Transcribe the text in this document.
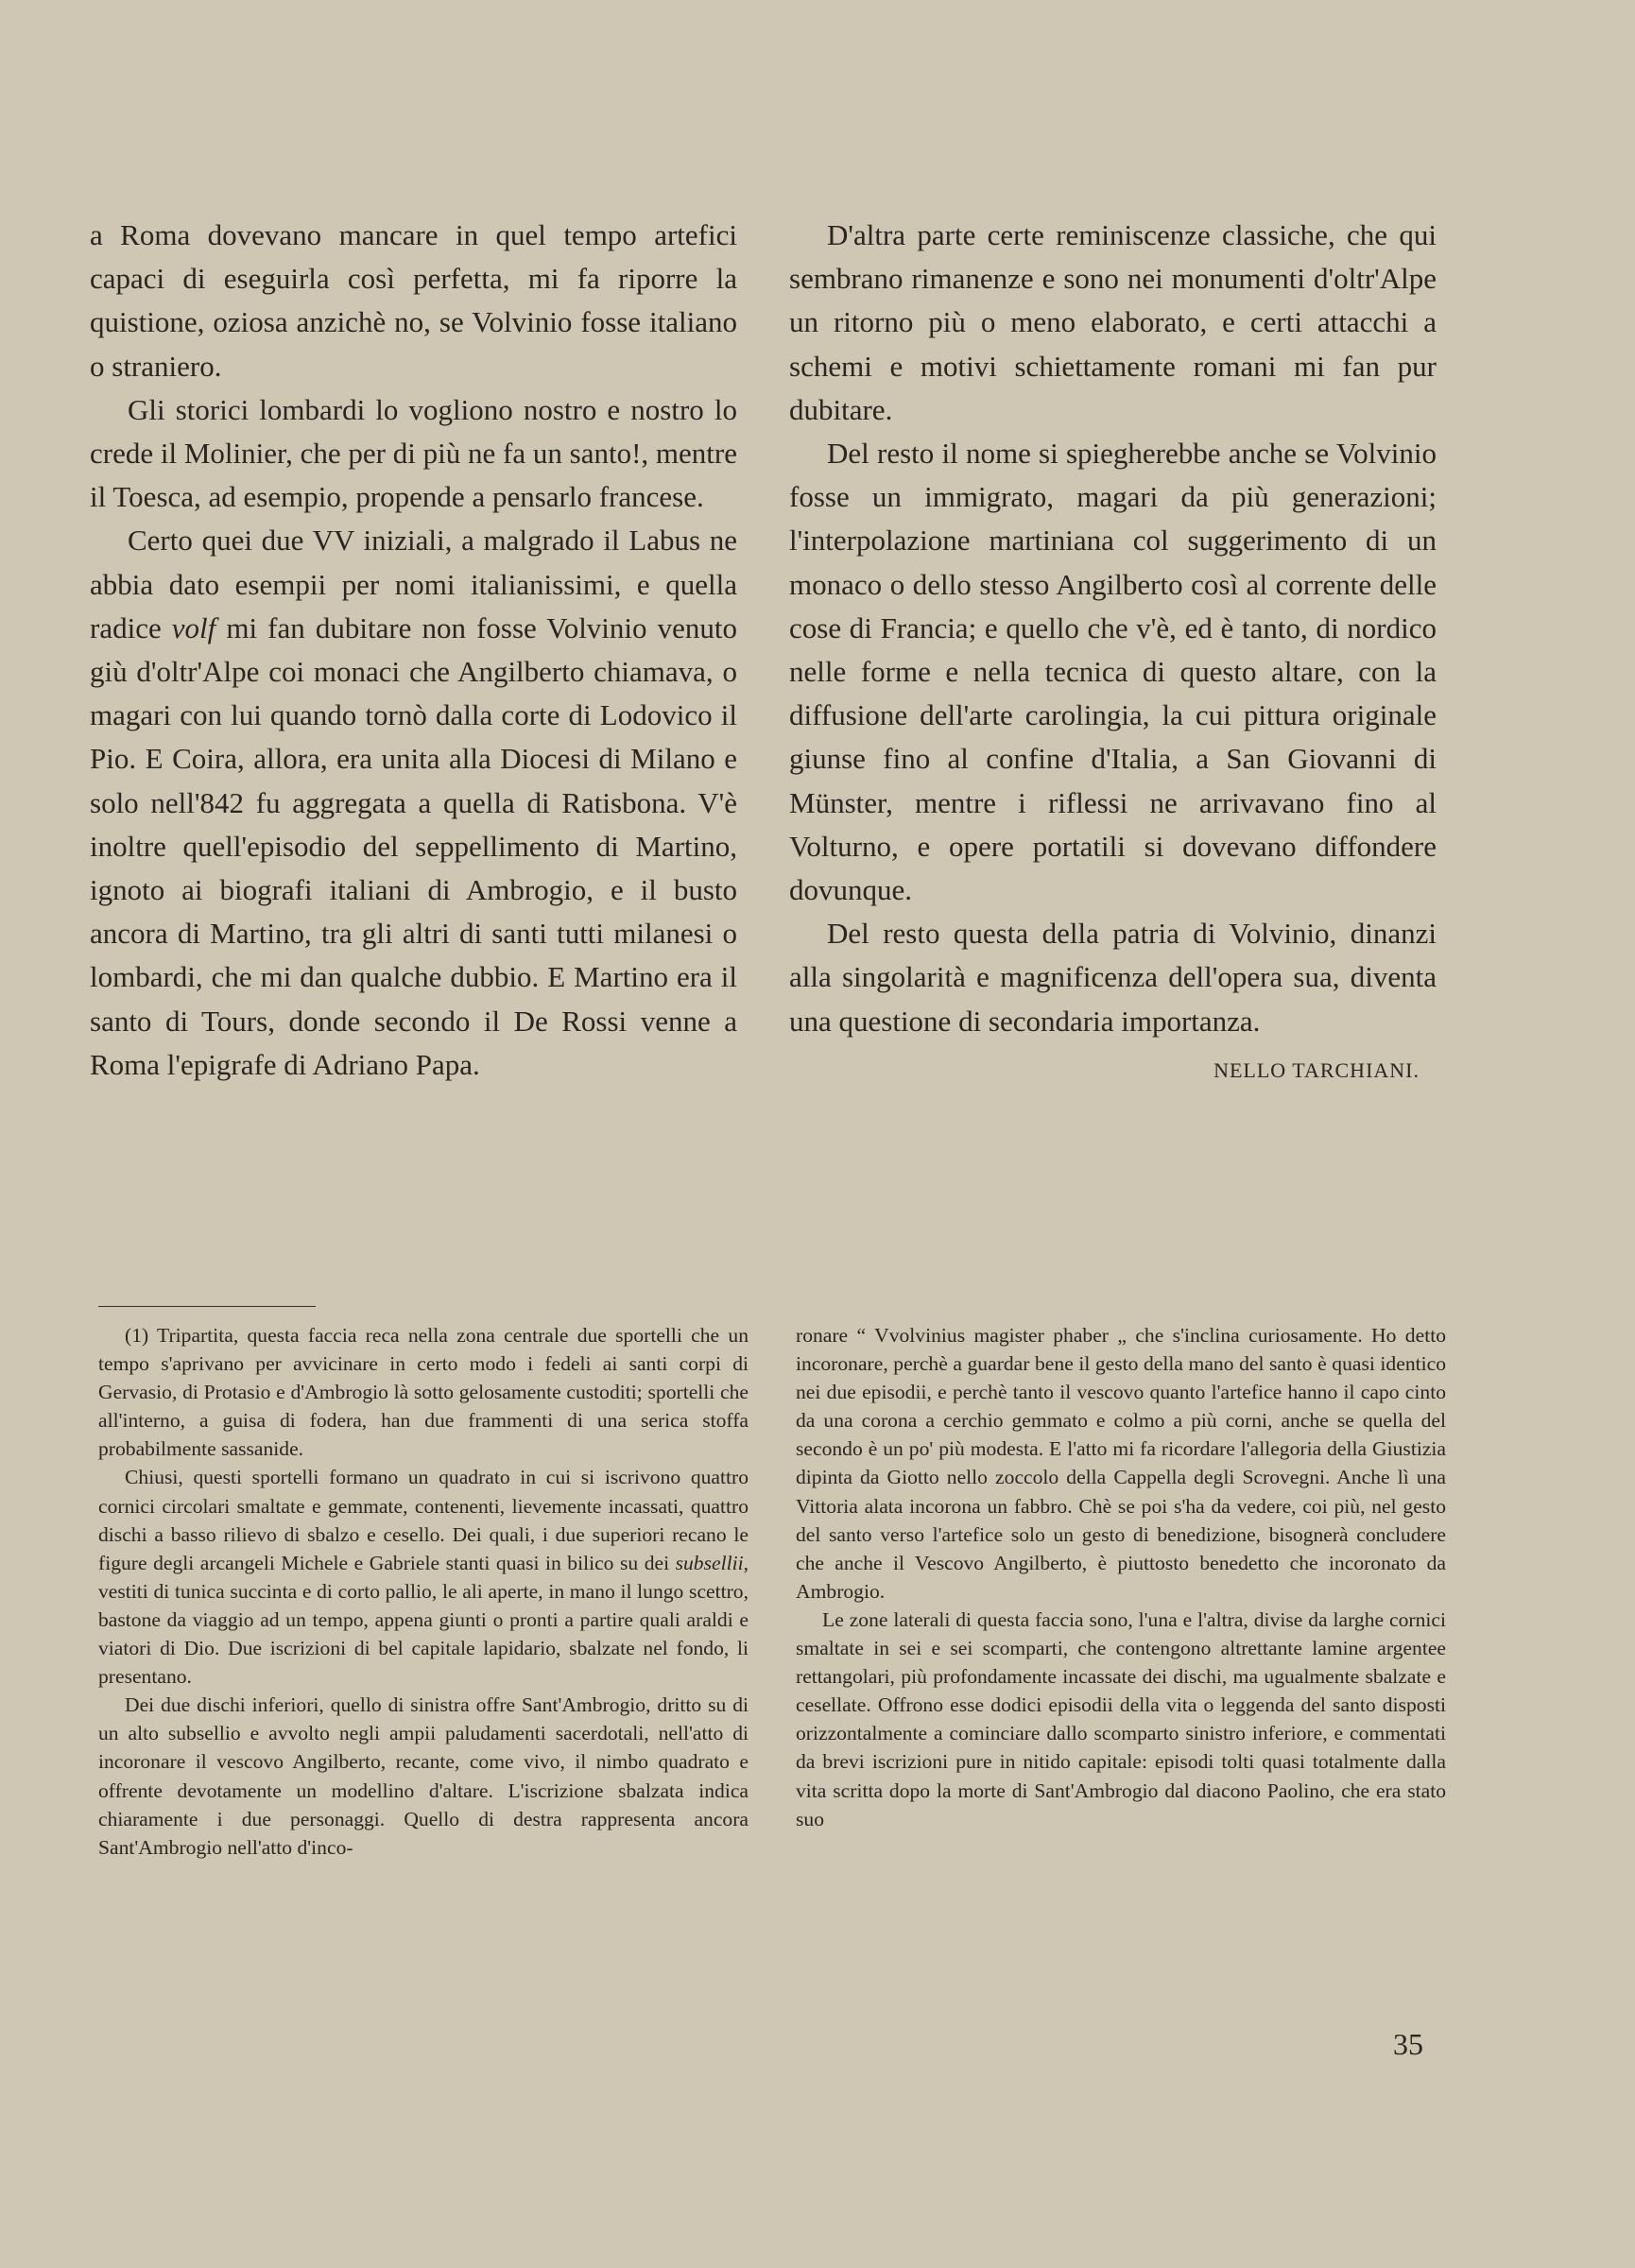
a Roma dovevano mancare in quel tempo artefici capaci di eseguirla così perfetta, mi fa riporre la quistione, oziosa anzichè no, se Volvinio fosse italiano o straniero.

Gli storici lombardi lo vogliono nostro e nostro lo crede il Molinier, che per di più ne fa un santo!, mentre il Toesca, ad esempio, propende a pensarlo francese.

Certo quei due VV iniziali, a malgrado il Labus ne abbia dato esempii per nomi italianissimi, e quella radice volf mi fan dubitare non fosse Volvinio venuto giù d'oltr'Alpe coi monaci che Angilberto chiamava, o magari con lui quando tornò dalla corte di Lodovico il Pio. E Coira, allora, era unita alla Diocesi di Milano e solo nell'842 fu aggregata a quella di Ratisbona. V'è inoltre quell'episodio del seppellimento di Martino, ignoto ai biografi italiani di Ambrogio, e il busto ancora di Martino, tra gli altri di santi tutti milanesi o lombardi, che mi dan qualche dubbio. E Martino era il santo di Tours, donde secondo il De Rossi venne a Roma l'epigrafe di Adriano Papa.

D'altra parte certe reminiscenze classiche, che qui sembrano rimanenze e sono nei monumenti d'oltr'Alpe un ritorno più o meno elaborato, e certi attacchi a schemi e motivi schiettamente romani mi fan pur dubitare.

Del resto il nome si spiegherebbe anche se Volvinio fosse un immigrato, magari da più generazioni; l'interpolazione martiniana col suggerimento di un monaco o dello stesso Angilberto così al corrente delle cose di Francia; e quello che v'è, ed è tanto, di nordico nelle forme e nella tecnica di questo altare, con la diffusione dell'arte carolingia, la cui pittura originale giunse fino al confine d'Italia, a San Giovanni di Münster, mentre i riflessi ne arrivavano fino al Volturno, e opere portatili si dovevano diffondere dovunque.

Del resto questa della patria di Volvinio, dinanzi alla singolarità e magnificenza dell'opera sua, diventa una questione di secondaria importanza.

NELLO TARCHIANI.

(1) Tripartita, questa faccia reca nella zona centrale due sportelli che un tempo s'aprivano per avvicinare in certo modo i fedeli ai santi corpi di Gervasio, di Protasio e d'Ambrogio là sotto gelosamente custoditi; sportelli che all'interno, a guisa di fodera, han due frammenti di una serica stoffa probabilmente sassanide.

Chiusi, questi sportelli formano un quadrato in cui si iscrivono quattro cornici circolari smaltate e gemmate, contenenti, lievemente incassati, quattro dischi a basso rilievo di sbalzo e cesello. Dei quali, i due superiori recano le figure degli arcangeli Michele e Gabriele stanti quasi in bilico su dei subsellii, vestiti di tunica succinta e di corto pallio, le ali aperte, in mano il lungo scettro, bastone da viaggio ad un tempo, appena giunti o pronti a partire quali araldi e viatori di Dio. Due iscrizioni di bel capitale lapidario, sbalzate nel fondo, li presentano.

Dei due dischi inferiori, quello di sinistra offre Sant'Ambrogio, dritto su di un alto subsellio e avvolto negli ampii paludamenti sacerdotali, nell'atto di incoronare il vescovo Angilberto, recante, come vivo, il nimbo quadrato e offrente devotamente un modellino d'altare. L'iscrizione sbalzata indica chiaramente i due personaggi. Quello di destra rappresenta ancora Sant'Ambrogio nell'atto d'inco-

ronare “ Vvolvinius magister phaber „ che s'inclina curiosamente. Ho detto incoronare, perchè a guardar bene il gesto della mano del santo è quasi identico nei due episodii, e perchè tanto il vescovo quanto l'artefice hanno il capo cinto da una corona a cerchio gemmato e colmo a più corni, anche se quella del secondo è un po' più modesta. E l'atto mi fa ricordare l'allegoria della Giustizia dipinta da Giotto nello zoccolo della Cappella degli Scrovegni. Anche lì una Vittoria alata incorona un fabbro. Chè se poi s'ha da vedere, coi più, nel gesto del santo verso l'artefice solo un gesto di benedizione, bisognerà concludere che anche il Vescovo Angilberto, è piuttosto benedetto che incoronato da Ambrogio.

Le zone laterali di questa faccia sono, l'una e l'altra, divise da larghe cornici smaltate in sei e sei scomparti, che contengono altrettante lamine argentee rettangolari, più profondamente incassate dei dischi, ma ugualmente sbalzate e cesellate. Offrono esse dodici episodii della vita o leggenda del santo disposti orizzontalmente a cominciare dallo scomparto sinistro inferiore, e commentati da brevi iscrizioni pure in nitido capitale: episodi tolti quasi totalmente dalla vita scritta dopo la morte di Sant'Ambrogio dal diacono Paolino, che era stato suo

35
